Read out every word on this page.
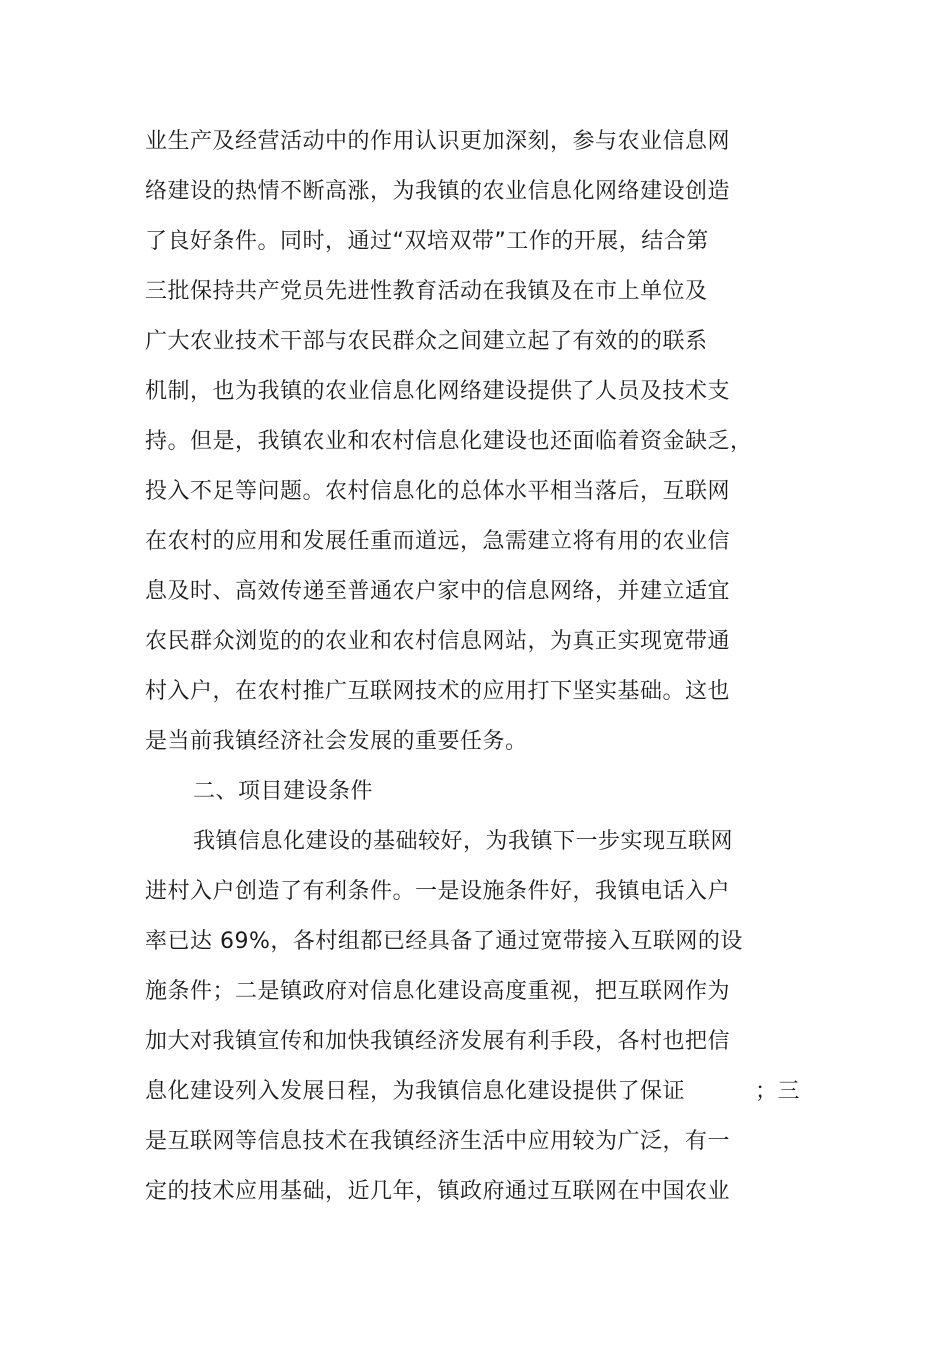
业生产及经营活动中的作用认识更加深刻，参与农业信息网
络建设的热情不断高涨，为我镇的农业信息化网络建设创造
了良好条件。同时，通过“双培双带”工作的开展，结合第
三批保持共产党员先进性教育活动在我镇及在市上单位及
广大农业技术干部与农民群众之间建立起了有效的的联系
机制，也为我镇的农业信息化网络建设提供了人员及技术支
持。但是，我镇农业和农村信息化建设也还面临着资金缺乏，
投入不足等问题。农村信息化的总体水平相当落后，互联网
在农村的应用和发展任重而道远，急需建立将有用的农业信
息及时、高效传递至普通农户家中的信息网络，并建立适宜
农民群众浏览的的农业和农村信息网站，为真正实现宽带通
村入户，在农村推广互联网技术的应用打下坚实基础。这也
是当前我镇经济社会发展的重要任务。
二、项目建设条件
我镇信息化建设的基础较好，为我镇下一步实现互联网
进村入户创造了有利条件。一是设施条件好，我镇电话入户
率已达 69%，各村组都已经具备了通过宽带接入互联网的设
施条件；二是镇政府对信息化建设高度重视，把互联网作为
加大对我镇宣传和加快我镇经济发展有利手段，各村也把信
息化建设列入发展日程，为我镇信息化建设提供了保证	；三
是互联网等信息技术在我镇经济生活中应用较为广泛，有一
定的技术应用基础，近几年，镇政府通过互联网在中国农业
